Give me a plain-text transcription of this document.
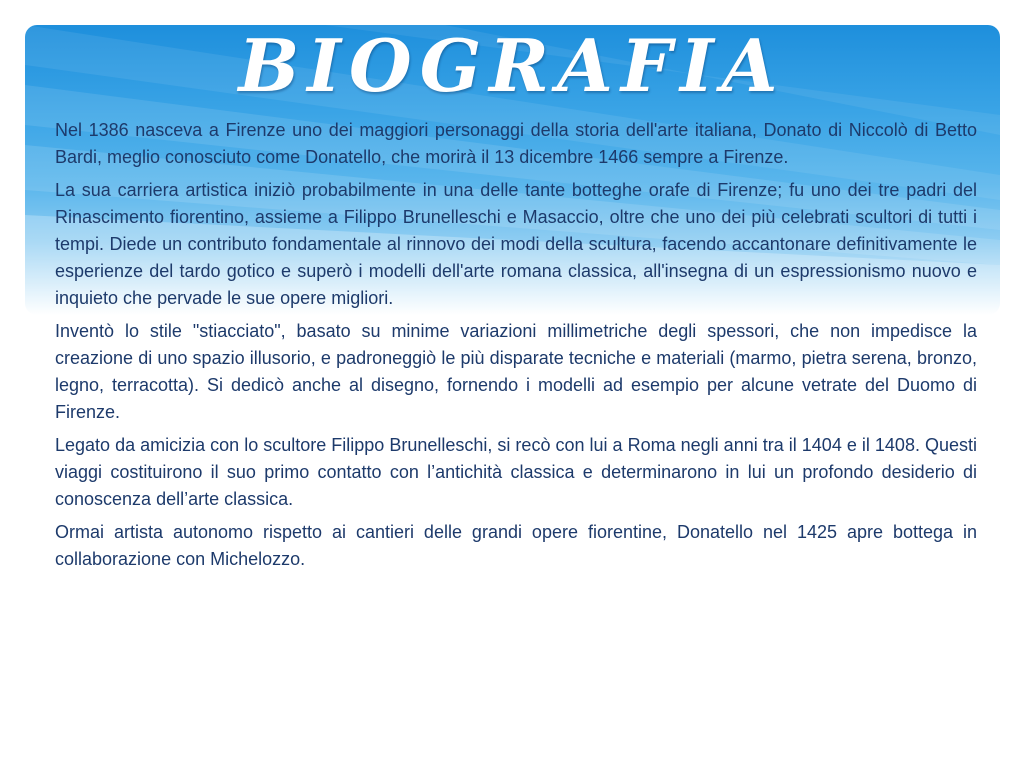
BIOGRAFIA

Nel 1386 nasceva a Firenze uno dei maggiori personaggi della storia dell'arte italiana, Donato di Niccolò di Betto Bardi, meglio conosciuto come Donatello, che morirà il 13 dicembre 1466 sempre a Firenze.

La sua carriera artistica iniziò probabilmente in una delle tante botteghe orafe di Firenze; fu uno dei tre padri del Rinascimento fiorentino, assieme a Filippo Brunelleschi e Masaccio, oltre che uno dei più celebrati scultori di tutti i tempi. Diede un contributo fondamentale al rinnovo dei modi della scultura, facendo accantonare definitivamente le esperienze del tardo gotico e superò i modelli dell'arte romana classica, all'insegna di un espressionismo nuovo e inquieto che pervade le sue opere migliori.

Inventò lo stile "stiacciato", basato su minime variazioni millimetriche degli spessori, che non impedisce la creazione di uno spazio illusorio, e padroneggiò le più disparate tecniche e materiali (marmo, pietra serena, bronzo, legno, terracotta). Si dedicò anche al disegno, fornendo i modelli ad esempio per alcune vetrate del Duomo di Firenze.

Legato da amicizia con lo scultore Filippo Brunelleschi, si recò con lui a Roma negli anni tra il 1404 e il 1408. Questi viaggi costituirono il suo primo contatto con l’antichità classica e determinarono in lui un profondo desiderio di conoscenza dell’arte classica.

Ormai artista autonomo rispetto ai cantieri delle grandi opere fiorentine, Donatello nel 1425 apre bottega in collaborazione con Michelozzo.
